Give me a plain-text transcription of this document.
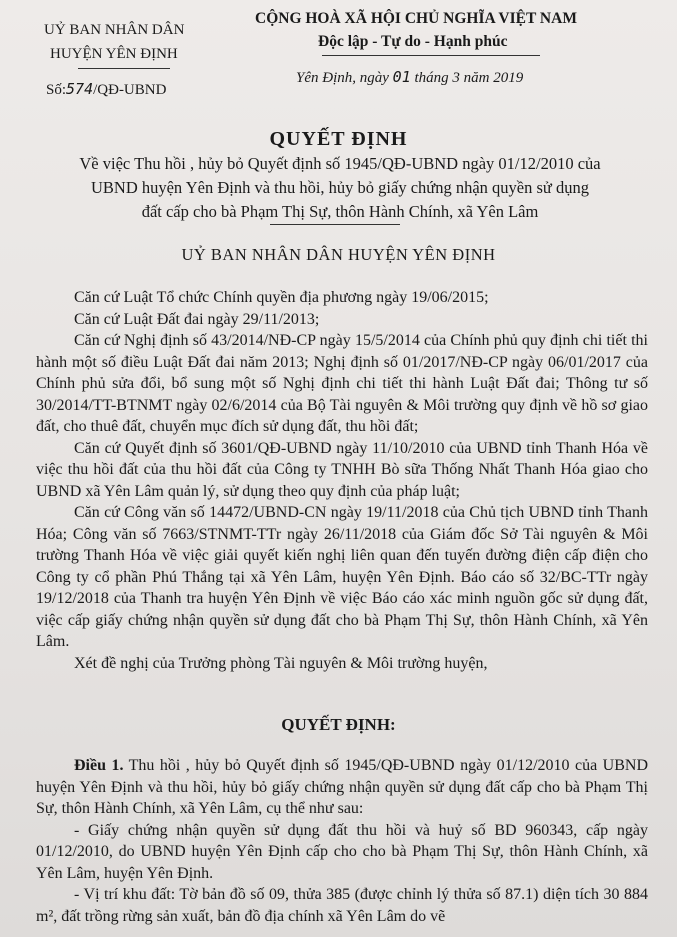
UỶ BAN NHÂN DÂN
HUYỆN YÊN ĐỊNH
Số:574/QĐ-UBND
CỘNG HOÀ XÃ HỘI CHỦ NGHĨA VIỆT NAM
Độc lập - Tự do - Hạnh phúc
Yên Định, ngày 01 tháng 3 năm 2019
QUYẾT ĐỊNH
Về việc Thu hồi , hủy bỏ Quyết định số 1945/QĐ-UBND ngày 01/12/2010 của
UBND huyện Yên Định và thu hồi, hủy bỏ giấy chứng nhận quyền sử dụng
đất cấp cho bà Phạm Thị Sự, thôn Hành Chính, xã Yên Lâm
UỶ BAN NHÂN DÂN HUYỆN YÊN ĐỊNH

Căn cứ Luật Tổ chức Chính quyền địa phương ngày 19/06/2015;

Căn cứ Luật Đất đai ngày 29/11/2013;

Căn cứ Nghị định số 43/2014/NĐ-CP ngày 15/5/2014 của Chính phủ quy định chi tiết thi hành một số điều Luật Đất đai năm 2013; Nghị định số 01/2017/NĐ-CP ngày 06/01/2017 của Chính phủ sửa đổi, bổ sung một số Nghị định chi tiết thi hành Luật Đất đai; Thông tư số 30/2014/TT-BTNMT ngày 02/6/2014 của Bộ Tài nguyên & Môi trường quy định về hồ sơ giao đất, cho thuê đất, chuyển mục đích sử dụng đất, thu hồi đất;

Căn cứ Quyết định số 3601/QĐ-UBND ngày 11/10/2010 của UBND tỉnh Thanh Hóa về việc thu hồi đất của thu hồi đất của Công ty TNHH Bò sữa Thống Nhất Thanh Hóa giao cho UBND xã Yên Lâm quản lý, sử dụng theo quy định của pháp luật;

Căn cứ Công văn số 14472/UBND-CN ngày 19/11/2018 của Chủ tịch UBND tỉnh Thanh Hóa; Công văn số 7663/STNMT-TTr ngày 26/11/2018 của Giám đốc Sở Tài nguyên & Môi trường Thanh Hóa về việc giải quyết kiến nghị liên quan đến tuyến đường điện cấp điện cho Công ty cổ phần Phú Thắng tại xã Yên Lâm, huyện Yên Định. Báo cáo số 32/BC-TTr ngày 19/12/2018 của Thanh tra huyện Yên Định về việc Báo cáo xác minh nguồn gốc sử dụng đất, việc cấp giấy chứng nhận quyền sử dụng đất cho bà Phạm Thị Sự, thôn Hành Chính, xã Yên Lâm.

Xét đề nghị của Trưởng phòng Tài nguyên & Môi trường huyện,

QUYẾT ĐỊNH:

Điều 1. Thu hồi , hủy bỏ Quyết định số 1945/QĐ-UBND ngày 01/12/2010 của UBND huyện Yên Định và thu hồi, hủy bỏ giấy chứng nhận quyền sử dụng đất cấp cho bà Phạm Thị Sự, thôn Hành Chính, xã Yên Lâm, cụ thể như sau:

- Giấy chứng nhận quyền sử dụng đất thu hồi và huỷ số BD 960343, cấp ngày 01/12/2010, do UBND huyện Yên Định cấp cho cho bà Phạm Thị Sự, thôn Hành Chính, xã Yên Lâm, huyện Yên Định.

- Vị trí khu đất: Tờ bản đồ số 09, thửa 385 (được chỉnh lý thửa số 87.1) diện tích 30 884 m², đất trồng rừng sản xuất, bản đồ địa chính xã Yên Lâm do vẽ
